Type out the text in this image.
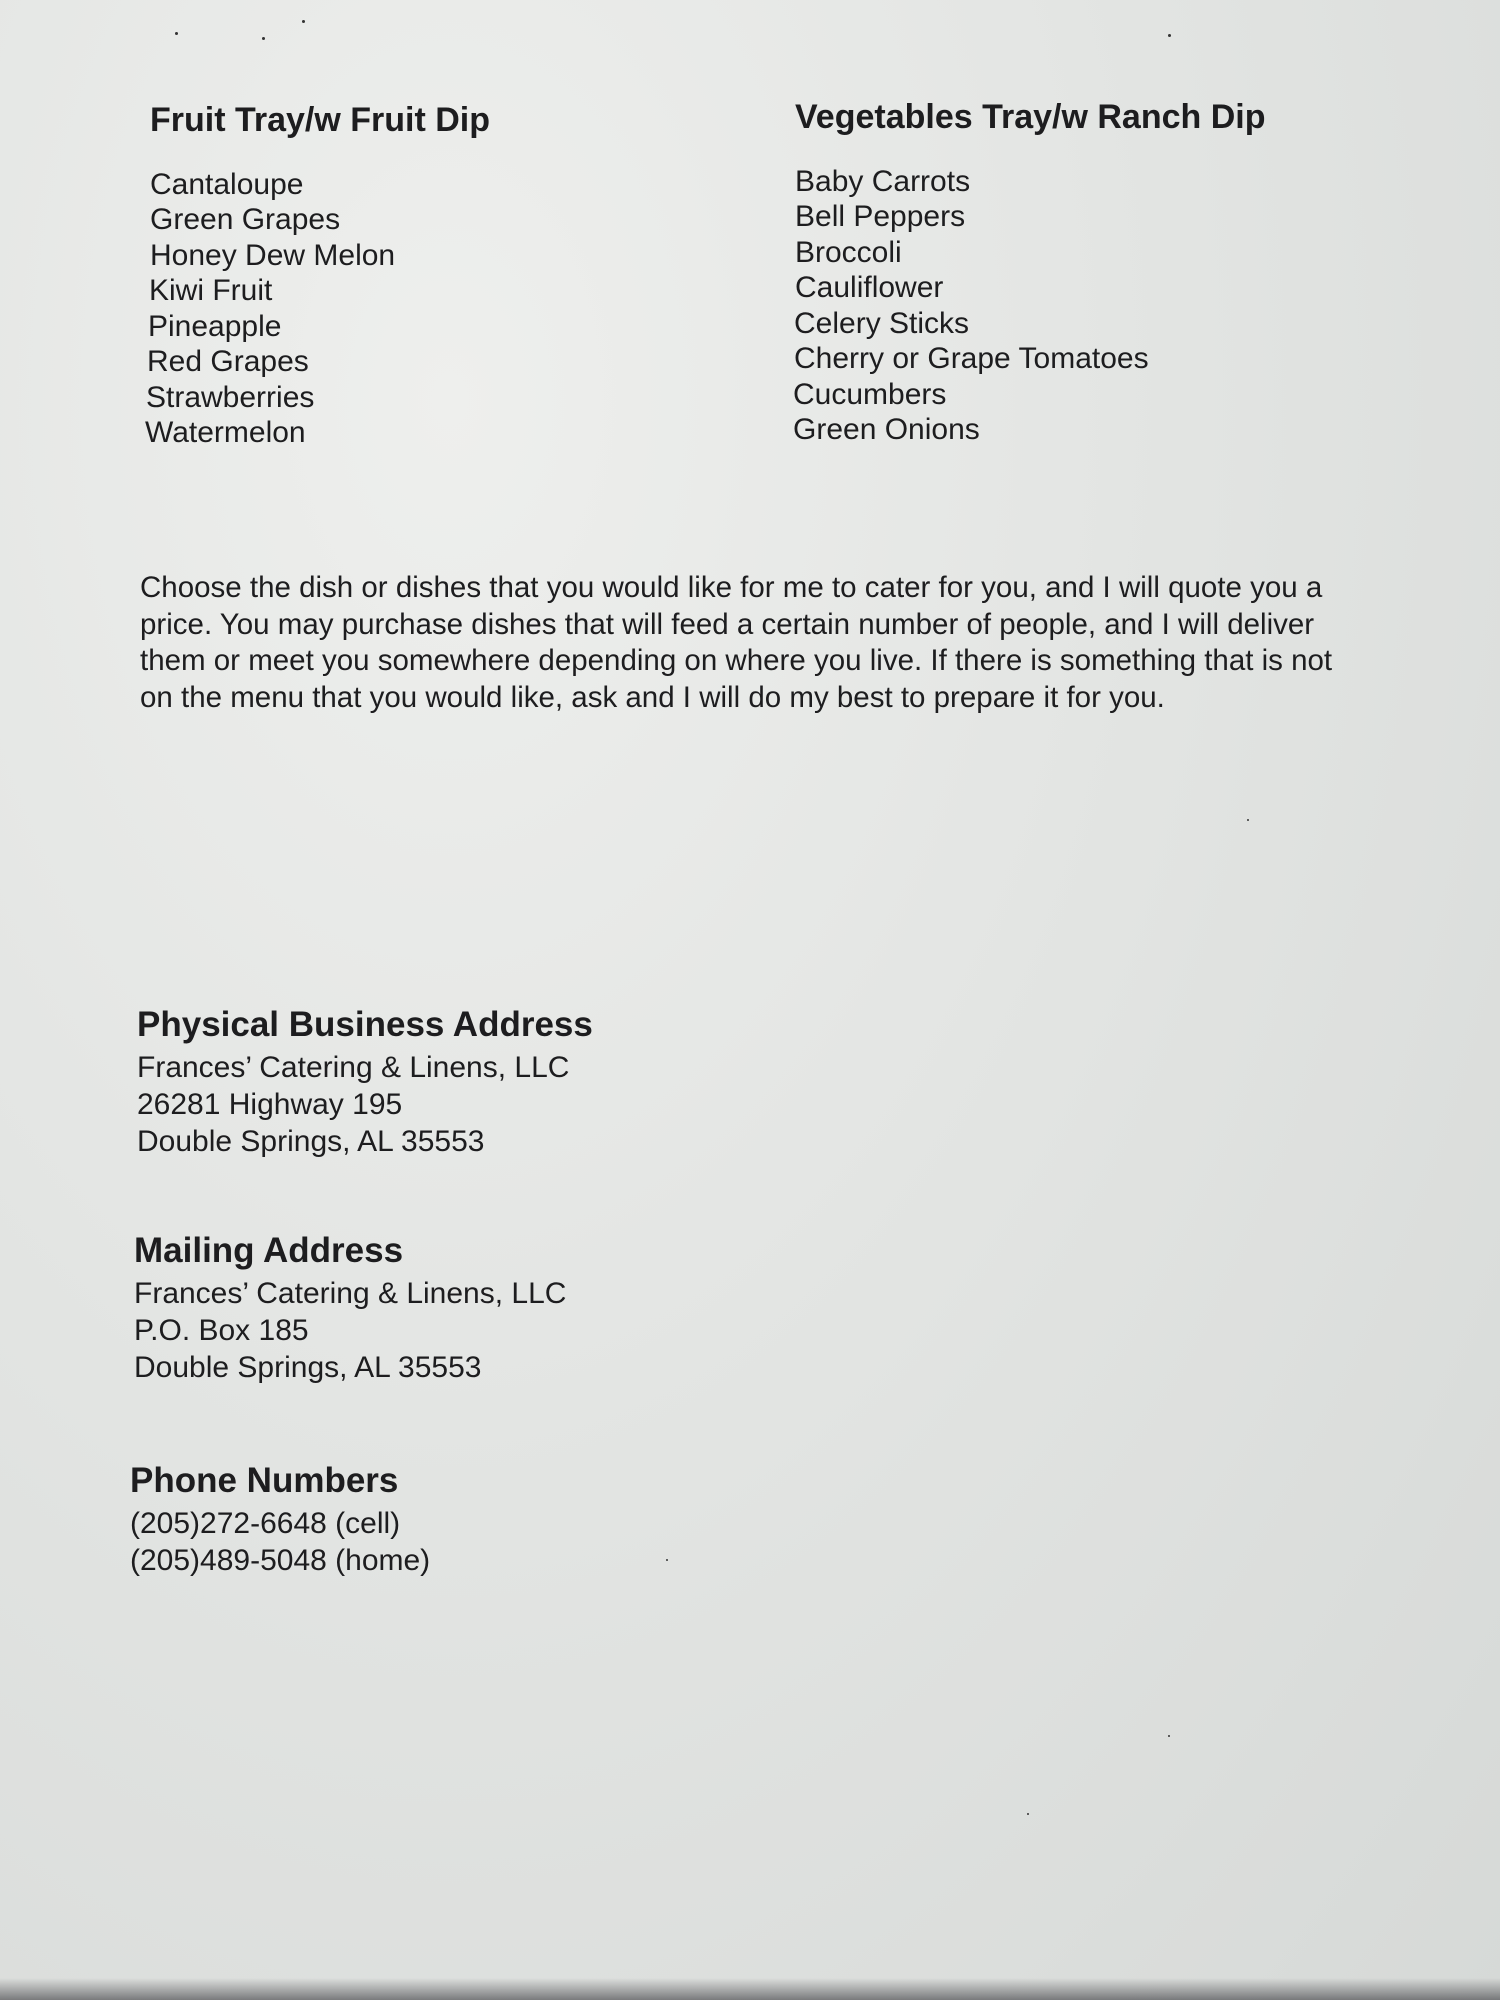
Fruit Tray/w Fruit Dip
Cantaloupe
Green Grapes
Honey Dew Melon
Kiwi Fruit
Pineapple
Red Grapes
Strawberries
Watermelon
Vegetables Tray/w Ranch Dip
Baby Carrots
Bell Peppers
Broccoli
Cauliflower
Celery Sticks
Cherry or Grape Tomatoes
Cucumbers
Green Onions

Choose the dish or dishes that you would like for me to cater for you, and I will quote you a price. You may purchase dishes that will feed a certain number of people, and I will deliver them or meet you somewhere depending on where you live. If there is something that is not on the menu that you would like, ask and I will do my best to prepare it for you.

Physical Business Address
Frances’ Catering & Linens, LLC
26281 Highway 195
Double Springs, AL 35553
Mailing Address
Frances’ Catering & Linens, LLC
P.O. Box 185
Double Springs, AL 35553
Phone Numbers
(205)272-6648 (cell)
(205)489-5048 (home)
